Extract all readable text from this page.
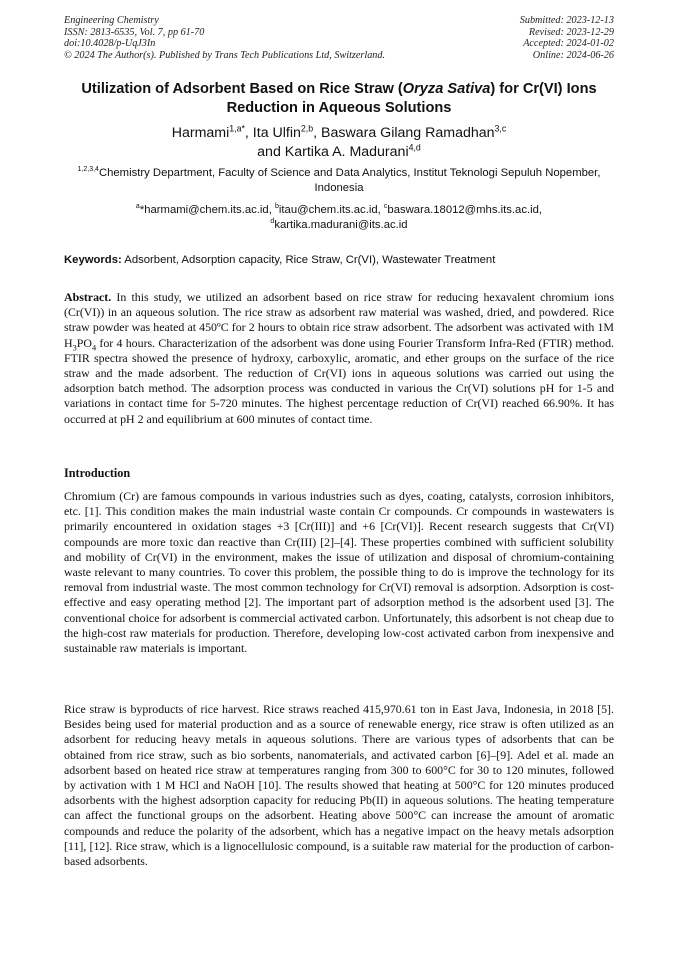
Engineering Chemistry
ISSN: 2813-6535, Vol. 7, pp 61-70
doi:10.4028/p-UqJ3In
© 2024 The Author(s). Published by Trans Tech Publications Ltd, Switzerland.
Submitted: 2023-12-13
Revised: 2023-12-29
Accepted: 2024-01-02
Online: 2024-06-26
Utilization of Adsorbent Based on Rice Straw (Oryza Sativa) for Cr(VI) Ions Reduction in Aqueous Solutions
Harmami$^{1,a*}$, Ita Ulfin$^{2,b}$, Baswara Gilang Ramadhan$^{3,c}$
and Kartika A. Madurani$^{4,d}$
$^{1,2,3,4}$Chemistry Department, Faculty of Science and Data Analytics, Institut Teknologi Sepuluh Nopember, Indonesia
$^a$*harmami@chem.its.ac.id, $^b$itau@chem.its.ac.id, $^c$baswara.18012@mhs.its.ac.id,
$^d$kartika.madurani@its.ac.id
Keywords: Adsorbent, Adsorption capacity, Rice Straw, Cr(VI), Wastewater Treatment
Abstract. In this study, we utilized an adsorbent based on rice straw for reducing hexavalent chromium ions (Cr(VI)) in an aqueous solution. The rice straw as adsorbent raw material was washed, dried, and powdered. Rice straw powder was heated at 450ºC for 2 hours to obtain rice straw adsorbent. The adsorbent was activated with 1M $H_3PO_4$ for 4 hours. Characterization of the adsorbent was done using Fourier Transform Infra-Red (FTIR) method. FTIR spectra showed the presence of hydroxy, carboxylic, aromatic, and ether groups on the surface of the rice straw and the made adsorbent. The reduction of Cr(VI) ions in aqueous solutions was carried out using the adsorption batch method. The adsorption process was conducted in various the Cr(VI) solutions pH for 1-5 and variations in contact time for 5-720 minutes. The highest percentage reduction of Cr(VI) reached 66.90%. It has occurred at pH 2 and equilibrium at 600 minutes of contact time.
Introduction
Chromium (Cr) are famous compounds in various industries such as dyes, coating, catalysts, corrosion inhibitors, etc. [1]. This condition makes the main industrial waste contain Cr compounds. Cr compounds in wastewaters is primarily encountered in oxidation stages +3 [Cr(III)] and +6 [Cr(VI)]. Recent research suggests that Cr(VI) compounds are more toxic dan reactive than Cr(III) [2]–[4]. These properties combined with sufficient solubility and mobility of Cr(VI) in the environment, makes the issue of utilization and disposal of chromium-containing waste relevant to many countries. To cover this problem, the possible thing to do is improve the technology for its removal from industrial waste. The most common technology for Cr(VI) removal is adsorption. Adsorption is cost-effective and easy operating method [2]. The important part of adsorption method is the adsorbent used [3]. The conventional choice for adsorbent is commercial activated carbon. Unfortunately, this adsorbent is not cheap due to the high-cost raw materials for production. Therefore, developing low-cost activated carbon from inexpensive and sustainable raw materials is important.
Rice straw is byproducts of rice harvest. Rice straws reached 415,970.61 ton in East Java, Indonesia, in 2018 [5]. Besides being used for material production and as a source of renewable energy, rice straw is often utilized as an adsorbent for reducing heavy metals in aqueous solutions. There are various types of adsorbents that can be obtained from rice straw, such as bio sorbents, nanomaterials, and activated carbon [6]–[9]. Adel et al. made an adsorbent based on heated rice straw at temperatures ranging from 300 to 600°C for 30 to 120 minutes, followed by activation with 1 M HCl and NaOH [10]. The results showed that heating at 500°C for 120 minutes produced adsorbents with the highest adsorption capacity for reducing Pb(II) in aqueous solutions. The heating temperature can affect the functional groups on the adsorbent. Heating above 500°C can increase the amount of aromatic compounds and reduce the polarity of the adsorbent, which has a negative impact on the heavy metals adsorption [11], [12]. Rice straw, which is a lignocellulosic compound, is a suitable raw material for the production of carbon-based adsorbents.
